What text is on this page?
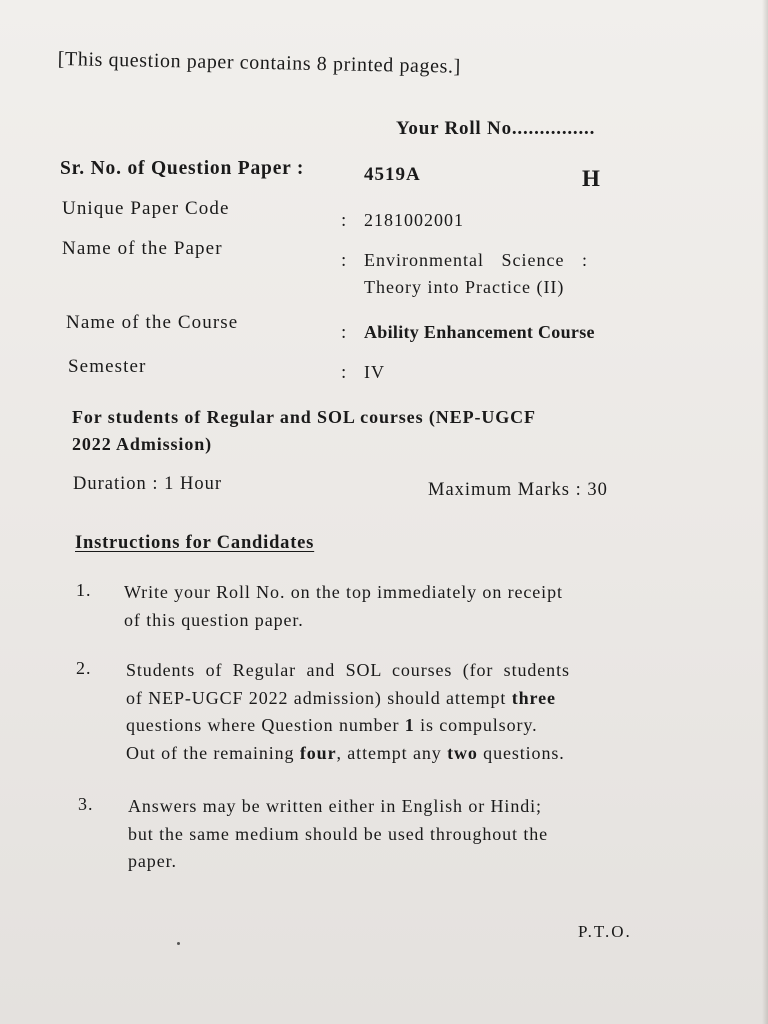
[This question paper contains 8 printed pages.]
Your Roll No...............
Sr. No. of Question Paper :	4519A	H
Unique Paper Code
: 2181002001
Name of the Paper
: Environmental Science :
Theory into Practice (II)
Name of the Course	: Ability Enhancement Course
Semester	: IV
For students of Regular and SOL courses (NEP-UGCF
2022 Admission)
Duration : 1 Hour	Maximum Marks : 30
Instructions for Candidates
1. Write your Roll No. on the top immediately on receipt
of this question paper.
2. Students of Regular and SOL courses (for students
of NEP-UGCF 2022 admission) should attempt three
questions where Question number 1 is compulsory.
Out of the remaining four, attempt any two questions.
3. Answers may be written either in English or Hindi;
but the same medium should be used throughout the
paper.
P.T.O.
